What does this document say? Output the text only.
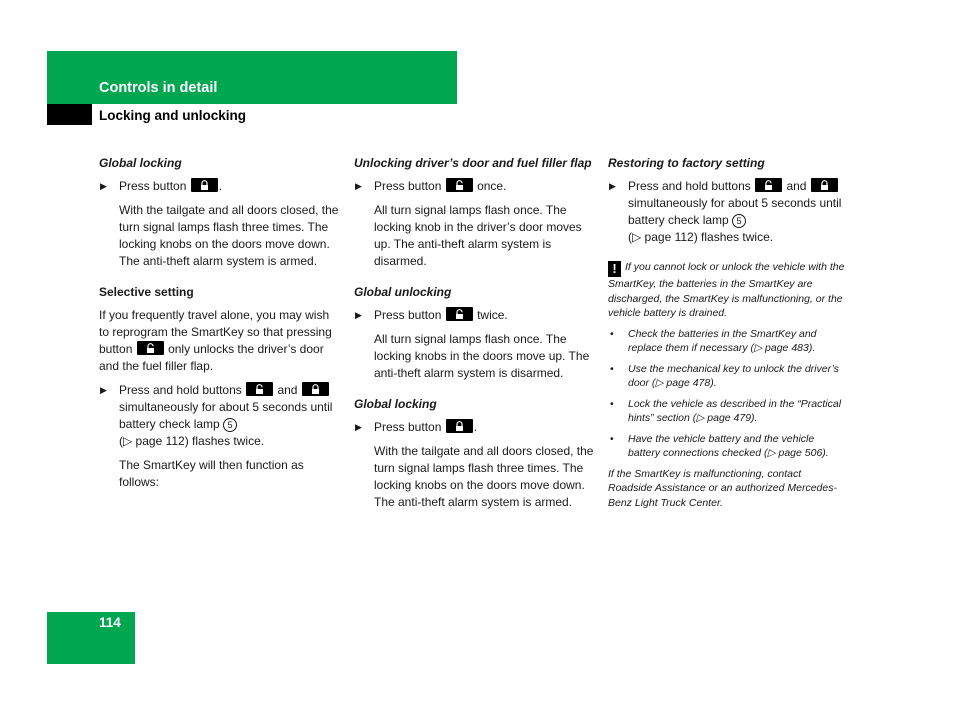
Controls in detail
Locking and unlocking

Global locking

▶ Press button	.

With the tailgate and all doors closed, the turn signal lamps flash three times. The locking knobs on the doors move down. The anti-theft alarm system is armed.

Selective setting

If you frequently travel alone, you may wish to reprogram the SmartKey so that pressing button	only unlocks the driver’s door and the fuel filler flap.

▶ Press and hold buttons	and
simultaneously for about 5 seconds until battery check lamp 5
(▷ page 112) flashes twice.

The SmartKey will then function as follows:

Unlocking driver’s door and fuel filler flap

▶ Press button	once.

All turn signal lamps flash once. The locking knob in the driver’s door moves up. The anti-theft alarm system is disarmed.

Global unlocking

▶ Press button	twice.

All turn signal lamps flash once. The locking knobs in the doors move up. The anti-theft alarm system is disarmed.

Global locking

▶ Press button	.

With the tailgate and all doors closed, the turn signal lamps flash three times. The locking knobs on the doors move down. The anti-theft alarm system is armed.

Restoring to factory setting

▶ Press and hold buttons	and
simultaneously for about 5 seconds until battery check lamp 5
(▷ page 112) flashes twice.
! If you cannot lock or unlock the vehicle with the SmartKey, the batteries in the SmartKey are discharged, the SmartKey is malfunctioning, or the vehicle battery is drained.
• Check the batteries in the SmartKey and replace them if necessary (▷ page 483).
• Use the mechanical key to unlock the driver’s door (▷ page 478).
• Lock the vehicle as described in the “Practical hints” section (▷ page 479).
• Have the vehicle battery and the vehicle battery connections checked (▷ page 506).
If the SmartKey is malfunctioning, contact Roadside Assistance or an authorized Mercedes-Benz Light Truck Center.
114
